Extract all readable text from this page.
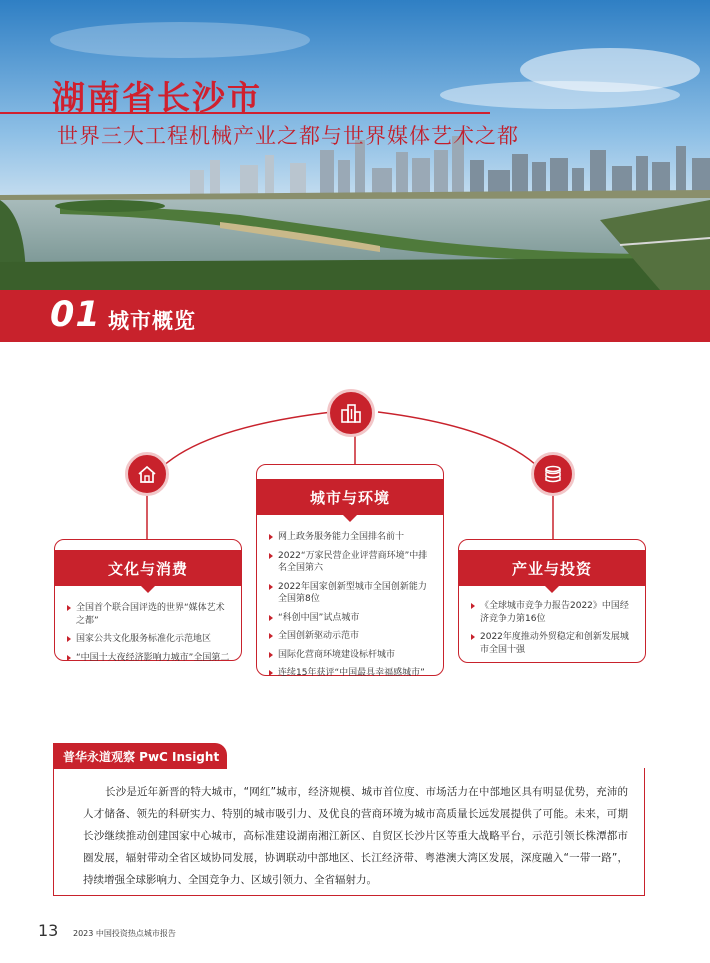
湖南省长沙市
世界三大工程机械产业之都与世界媒体艺术之都
01 城市概览
城市与环境
网上政务服务能力全国排名前十
2022“万家民营企业评营商环境”中排名全国第六
2022年国家创新型城市全国创新能力全国第8位
“科创中国”试点城市
全国创新驱动示范市
国际化营商环境建设标杆城市
连续15年获评“中国最具幸福感城市”
文化与消费
全国首个联合国评选的世界“媒体艺术之都”
国家公共文化服务标准化示范地区
“中国十大夜经济影响力城市”全国第二
产业与投资
《全球城市竞争力报告2022》中国经济竞争力第16位
2022年度推动外贸稳定和创新发展城市全国十强
普华永道观察 PwC Insight

长沙是近年新晋的特大城市，“网红”城市，经济规模、城市首位度、市场活力在中部地区具有明显优势，充沛的人才储备、领先的科研实力、特别的城市吸引力、及优良的营商环境为城市高质量长远发展提供了可能。未来，可期长沙继续推动创建国家中心城市，高标准建设湖南湘江新区、自贸区长沙片区等重大战略平台，示范引领长株潭都市圈发展，辐射带动全省区域协同发展，协调联动中部地区、长江经济带、粤港澳大湾区发展，深度融入“一带一路”，持续增强全球影响力、全国竞争力、区域引领力、全省辐射力。

13 2023 中国投资热点城市报告
